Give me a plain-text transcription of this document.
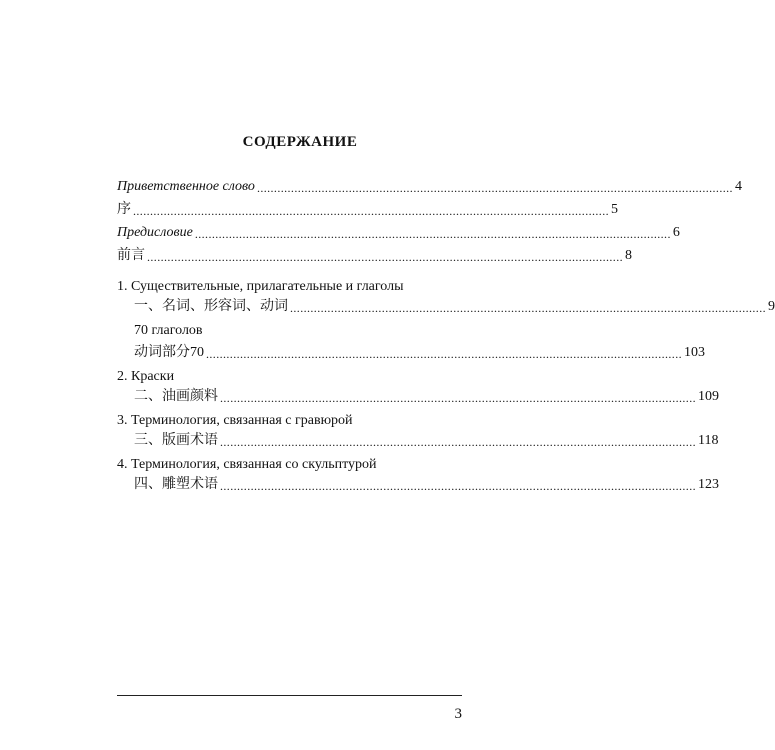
СОДЕРЖАНИЕ
Приветственное слово ............................................................................................................................................ 4
序 ............................................................................................................................................ 5
Предисловие ............................................................................................................................................ 6
前言 ............................................................................................................................................ 8
1. Существительные, прилагательные и глаголы
一、名词、形容词、动词 ............................................................................................................................................ 9
70 глаголов
动词部分70 ............................................................................................................................................ 103
2. Краски
二、油画颜料 ............................................................................................................................................ 109
3. Терминология, связанная с гравюрой
三、版画术语 ............................................................................................................................................ 118
4. Терминология, связанная со скульптурой
四、雕塑术语 ............................................................................................................................................ 123
3
